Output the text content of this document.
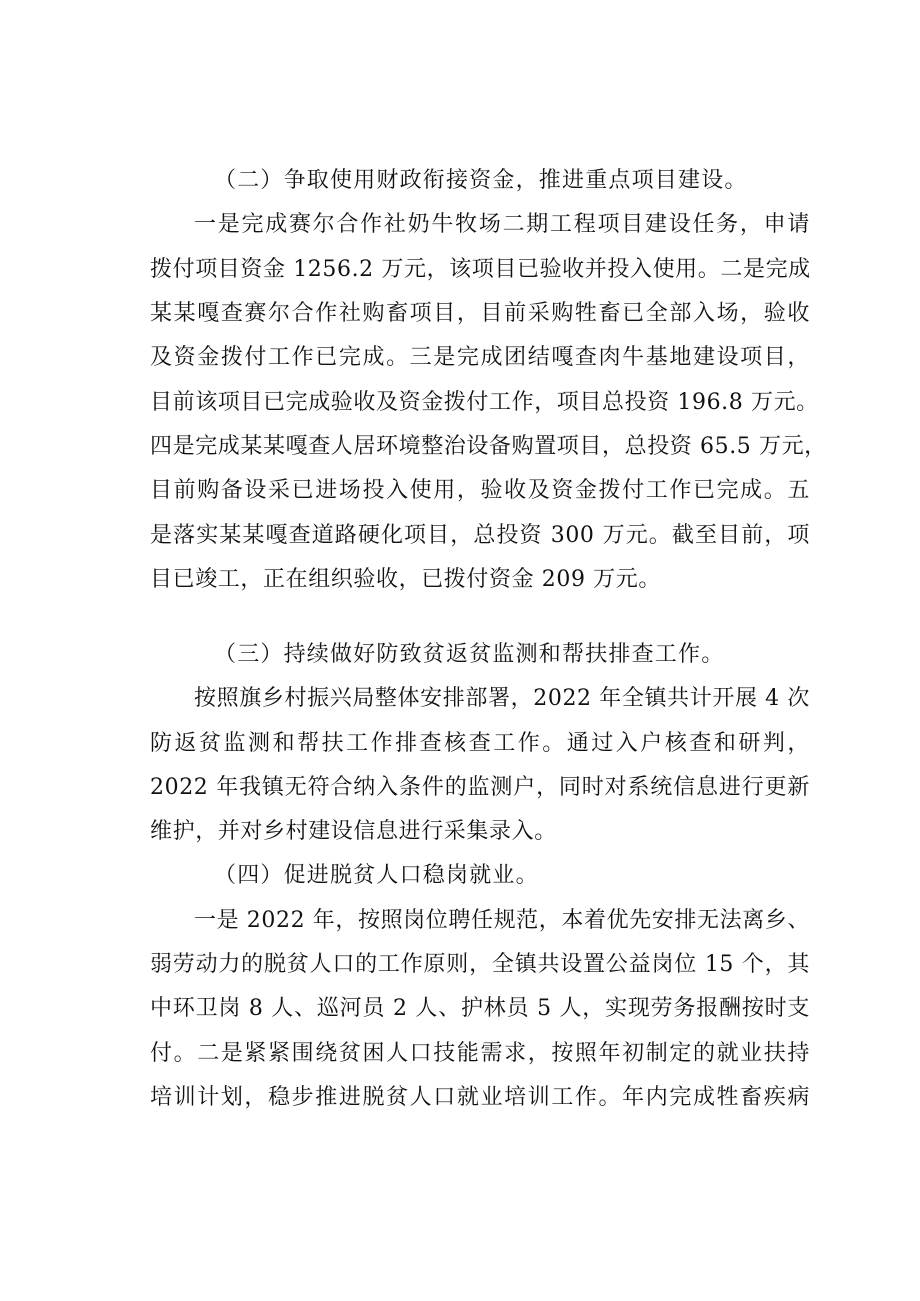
（二）争取使用财政衔接资金，推进重点项目建设。
一是完成赛尔合作社奶牛牧场二期工程项目建设任务，申请
拨付项目资金 1256.2 万元，该项目已验收并投入使用。二是完成
某某嘎查赛尔合作社购畜项目，目前采购牲畜已全部入场，验收
及资金拨付工作已完成。三是完成团结嘎查肉牛基地建设项目，
目前该项目已完成验收及资金拨付工作，项目总投资 196.8 万元。
四是完成某某嘎查人居环境整治设备购置项目，总投资 65.5 万元，
目前购备设采已进场投入使用，验收及资金拨付工作已完成。五
是落实某某嘎查道路硬化项目，总投资 300 万元。截至目前，项
目已竣工，正在组织验收，已拨付资金 209 万元。
（三）持续做好防致贫返贫监测和帮扶排查工作。
按照旗乡村振兴局整体安排部署，2022 年全镇共计开展 4 次
防返贫监测和帮扶工作排查核查工作。通过入户核查和研判，
2022 年我镇无符合纳入条件的监测户，同时对系统信息进行更新
维护，并对乡村建设信息进行采集录入。
（四）促进脱贫人口稳岗就业。
一是 2022 年，按照岗位聘任规范，本着优先安排无法离乡、
弱劳动力的脱贫人口的工作原则，全镇共设置公益岗位 15 个，其
中环卫岗 8 人、巡河员 2 人、护林员 5 人，实现劳务报酬按时支
付。二是紧紧围绕贫困人口技能需求，按照年初制定的就业扶持
培训计划，稳步推进脱贫人口就业培训工作。年内完成牲畜疾病
